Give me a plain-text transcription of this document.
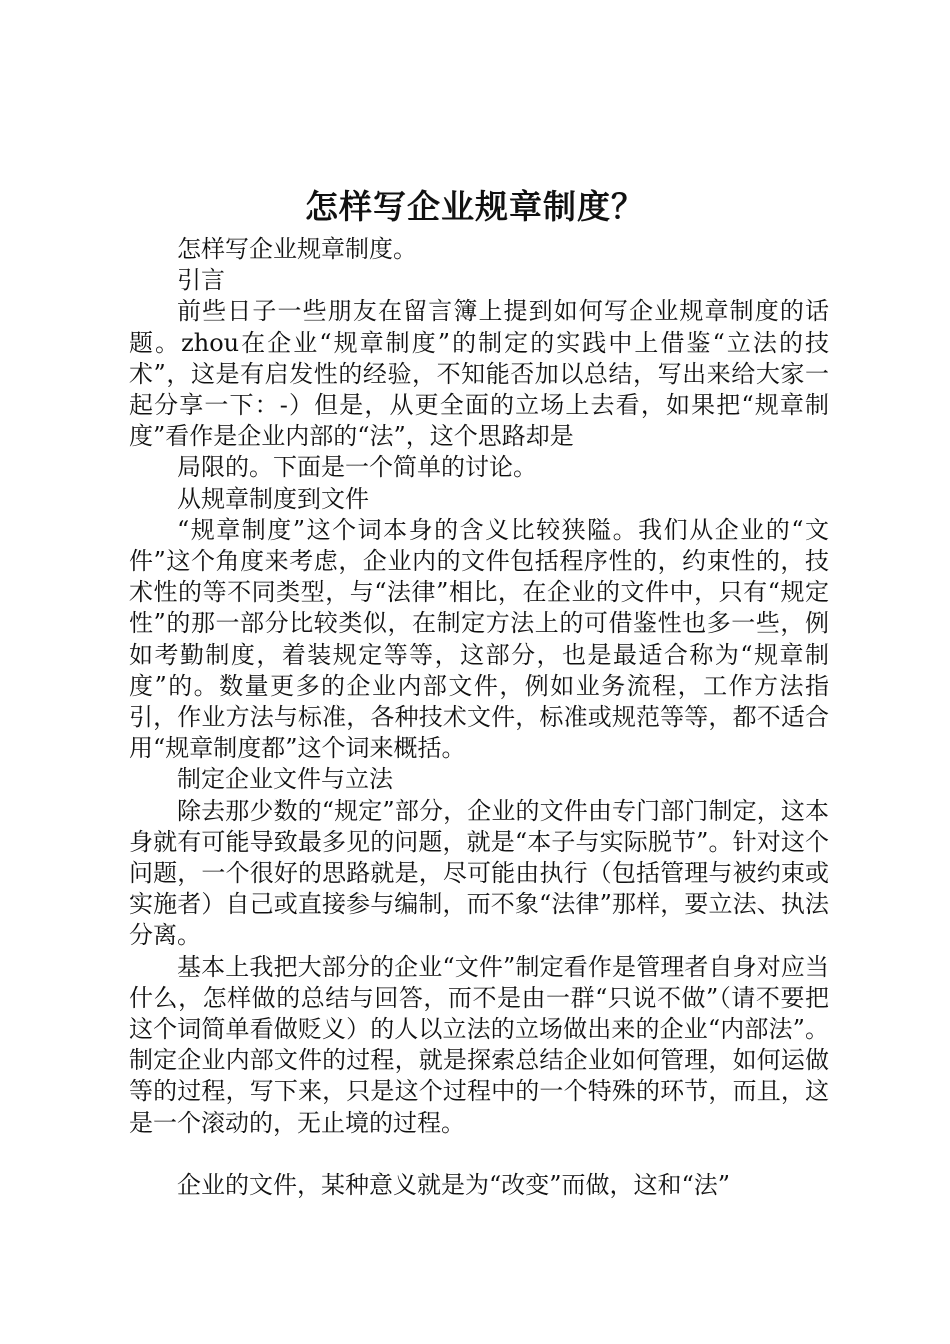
怎样写企业规章制度？

怎样写企业规章制度。

引言

前些日子一些朋友在留言簿上提到如何写企业规章制度的话题。zhou在企业“规章制度”的制定的实践中上借鉴“立法的技术”，这是有启发性的经验，不知能否加以总结，写出来给大家一起分享一下：-）但是，从更全面的立场上去看，如果把“规章制度”看作是企业内部的“法”，这个思路却是

局限的。下面是一个简单的讨论。

从规章制度到文件

“规章制度”这个词本身的含义比较狭隘。我们从企业的“文件”这个角度来考虑，企业内的文件包括程序性的，约束性的，技术性的等不同类型，与“法律”相比，在企业的文件中，只有“规定性”的那一部分比较类似，在制定方法上的可借鉴性也多一些，例如考勤制度，着装规定等等，这部分，也是最适合称为“规章制度”的。数量更多的企业内部文件，例如业务流程，工作方法指引，作业方法与标准，各种技术文件，标准或规范等等，都不适合用“规章制度都”这个词来概括。

制定企业文件与立法

除去那少数的“规定”部分，企业的文件由专门部门制定，这本身就有可能导致最多见的问题，就是“本子与实际脱节”。针对这个问题，一个很好的思路就是，尽可能由执行（包括管理与被约束或实施者）自己或直接参与编制，而不象“法律”那样，要立法、执法分离。

基本上我把大部分的企业“文件”制定看作是管理者自身对应当什么，怎样做的总结与回答，而不是由一群“只说不做”（请不要把这个词简单看做贬义）的人以立法的立场做出来的企业“内部法”。制定企业内部文件的过程，就是探索总结企业如何管理，如何运做等的过程，写下来，只是这个过程中的一个特殊的环节，而且，这是一个滚动的，无止境的过程。

企业的文件，某种意义就是为“改变”而做，这和“法”
